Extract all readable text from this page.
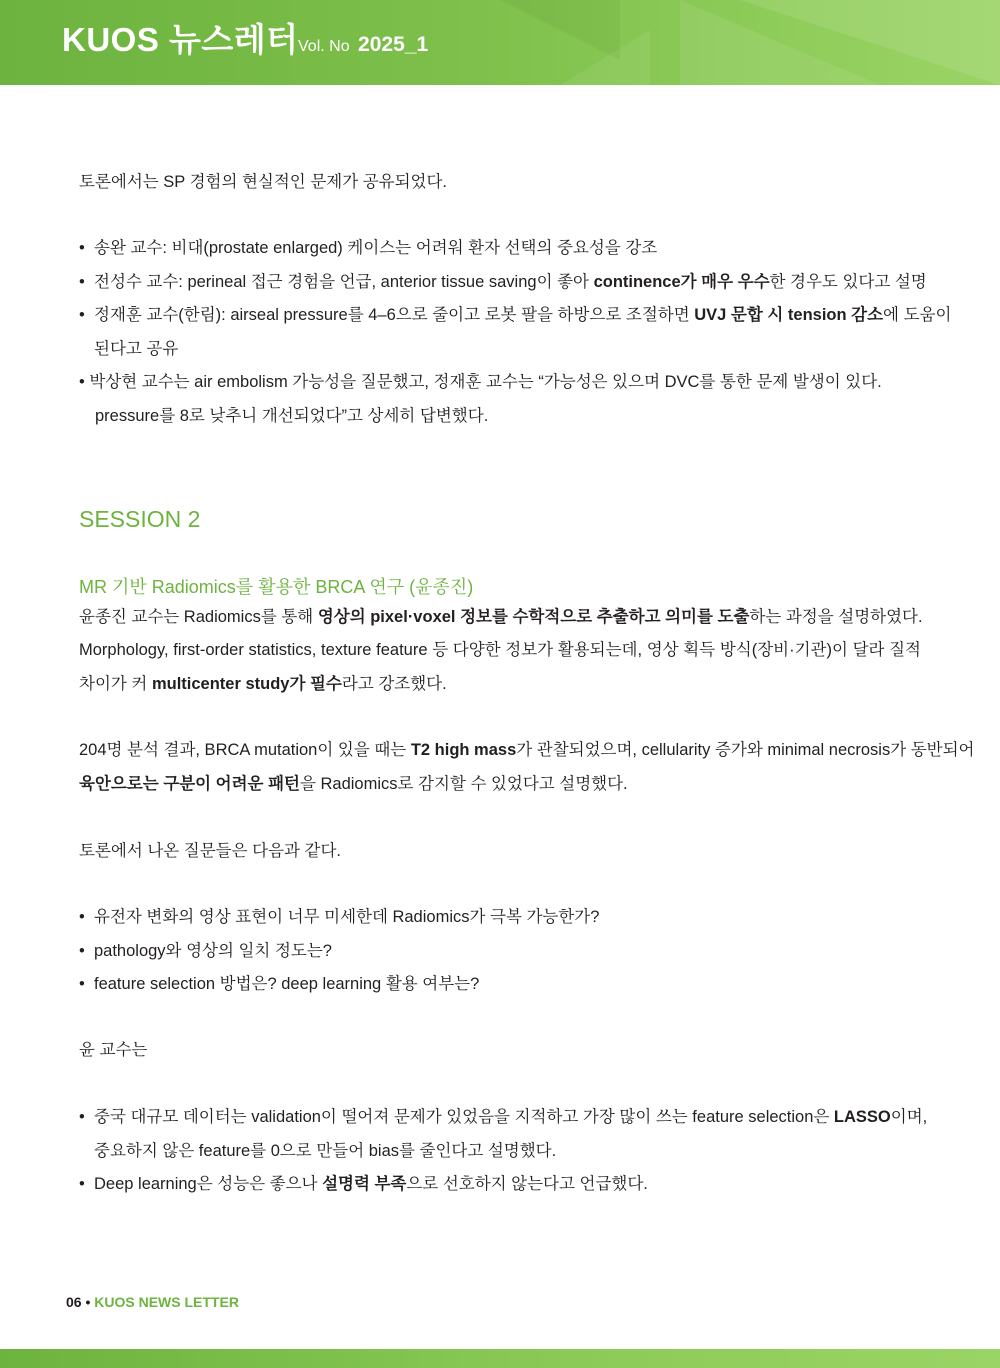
KUOS 뉴스레터 Vol. No 2025_1
토론에서는 SP 경험의 현실적인 문제가 공유되었다.
• 송완 교수: 비대(prostate enlarged) 케이스는 어려워 환자 선택의 중요성을 강조
• 전성수 교수: perineal 접근 경험을 언급, anterior tissue saving이 좋아 continence가 매우 우수한 경우도 있다고 설명
• 정재훈 교수(한림): airseal pressure를 4–6으로 줄이고 로봇 팔을 하방으로 조절하면 UVJ 문합 시 tension 감소에 도움이
된다고 공유
• 박상현 교수는 air embolism 가능성을 질문했고, 정재훈 교수는 “가능성은 있으며 DVC를 통한 문제 발생이 있다.
pressure를 8로 낮추니 개선되었다”고 상세히 답변했다.
SESSION 2
MR 기반 Radiomics를 활용한 BRCA 연구 (윤종진)
윤종진 교수는 Radiomics를 통해 영상의 pixel·voxel 정보를 수학적으로 추출하고 의미를 도출하는 과정을 설명하였다.
Morphology, first-order statistics, texture feature 등 다양한 정보가 활용되는데, 영상 획득 방식(장비·기관)이 달라 질적
차이가 커 multicenter study가 필수라고 강조했다.
204명 분석 결과, BRCA mutation이 있을 때는 T2 high mass가 관찰되었으며, cellularity 증가와 minimal necrosis가 동반되어
육안으로는 구분이 어려운 패턴을 Radiomics로 감지할 수 있었다고 설명했다.
토론에서 나온 질문들은 다음과 같다.
• 유전자 변화의 영상 표현이 너무 미세한데 Radiomics가 극복 가능한가?
• pathology와 영상의 일치 정도는?
• feature selection 방법은? deep learning 활용 여부는?
윤 교수는
• 중국 대규모 데이터는 validation이 떨어져 문제가 있었음을 지적하고 가장 많이 쓰는 feature selection은 LASSO이며,
중요하지 않은 feature를 0으로 만들어 bias를 줄인다고 설명했다.
• Deep learning은 성능은 좋으나 설명력 부족으로 선호하지 않는다고 언급했다.
06 • KUOS NEWS LETTER
